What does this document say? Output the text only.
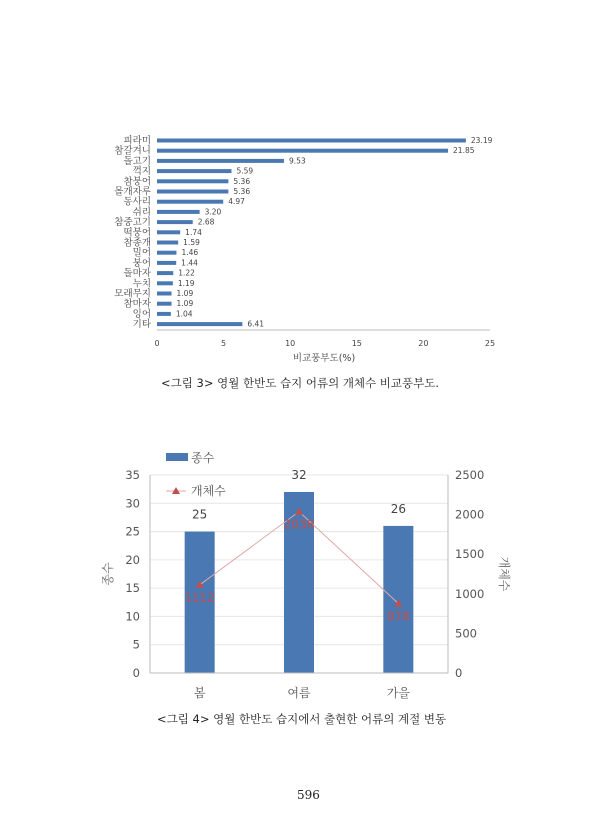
피라미
참갈겨니
돌고기
꺽지
참붕어
몰개자루
동사리
쉬리
참중고기
떡붕어
참종개
밀어
붕어
돌마자
누치
모래무지
참마자
잉어
기타
23.19
21.85
9.53
5.59
5.36
5.36
4.97
3.20
2.68
1.74
1.59
1.46
1.44
1.22
1.19
1.09
1.09
1.04
6.41
0	5	10	15	20	25
비교풍부도(%)
<그림 3> 영월 한반도 습지 어류의 개체수 비교풍부도.
25
32
26
1112
2038
878
0
5
10
15
20
25
30
35
0
500
1000
1500
2000
2500
봄	여름	가을
종수	개체수
종수
개체수
<그림 4> 영월 한반도 습지에서 출현한 어류의 계절 변동
596
